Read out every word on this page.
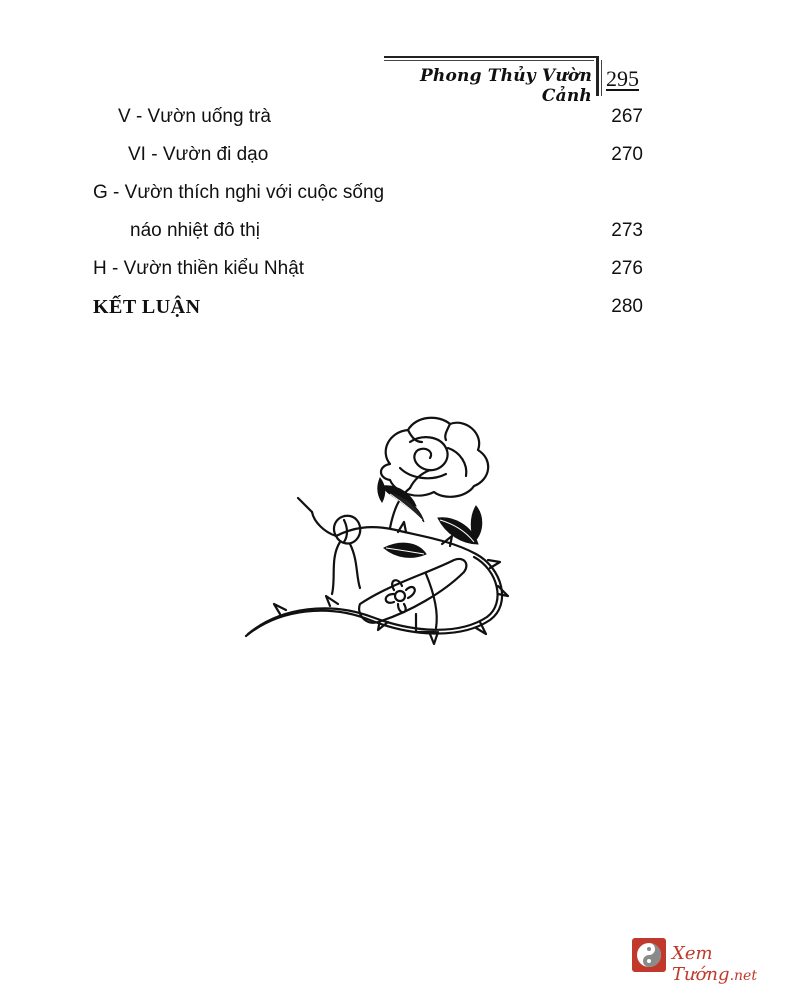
Phong Thủy Vườn Cảnh
295
V - Vườn uống trà	267
VI - Vườn đi dạo	270
G - Vườn thích nghi với cuộc sống
náo nhiệt đô thị	273
H - Vườn thiền kiểu Nhật	276
KẾT LUẬN	280
Xem Tướng.net
